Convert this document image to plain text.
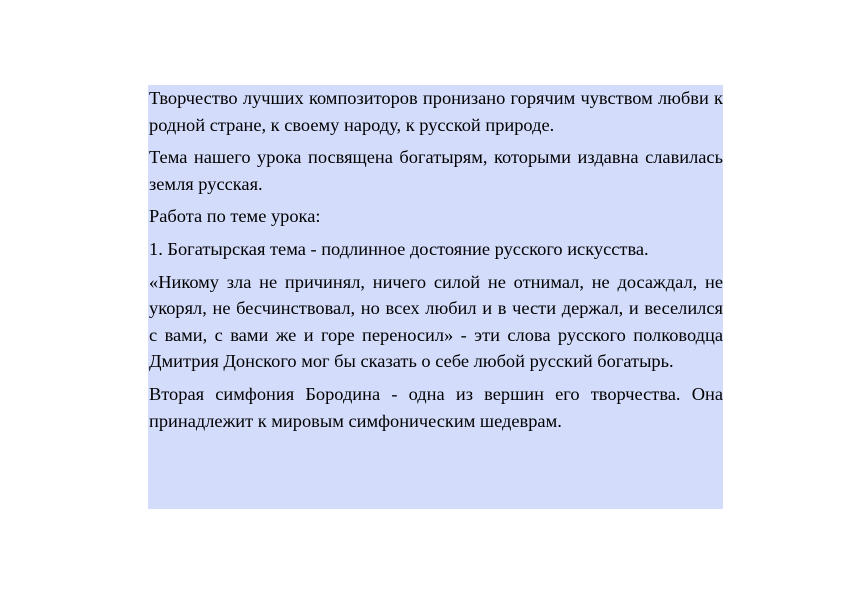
Творчество лучших композиторов пронизано горячим чувством любви к родной стране, к своему народу, к русской природе.

Тема нашего урока посвящена богатырям, которыми издавна славилась земля русская.

Работа по теме урока:

1. Богатырская тема - подлинное достояние русского искусства.

«Никому зла не причинял, ничего силой не отнимал, не досаждал, не укорял, не бесчинствовал, но всех любил и в чести держал, и веселился с вами, с вами же и горе переносил» - эти слова русского полководца Дмитрия Донского мог бы сказать о себе любой русский богатырь.

Вторая симфония Бородина - одна из вершин его творчества. Она принадлежит к мировым симфоническим шедеврам.
